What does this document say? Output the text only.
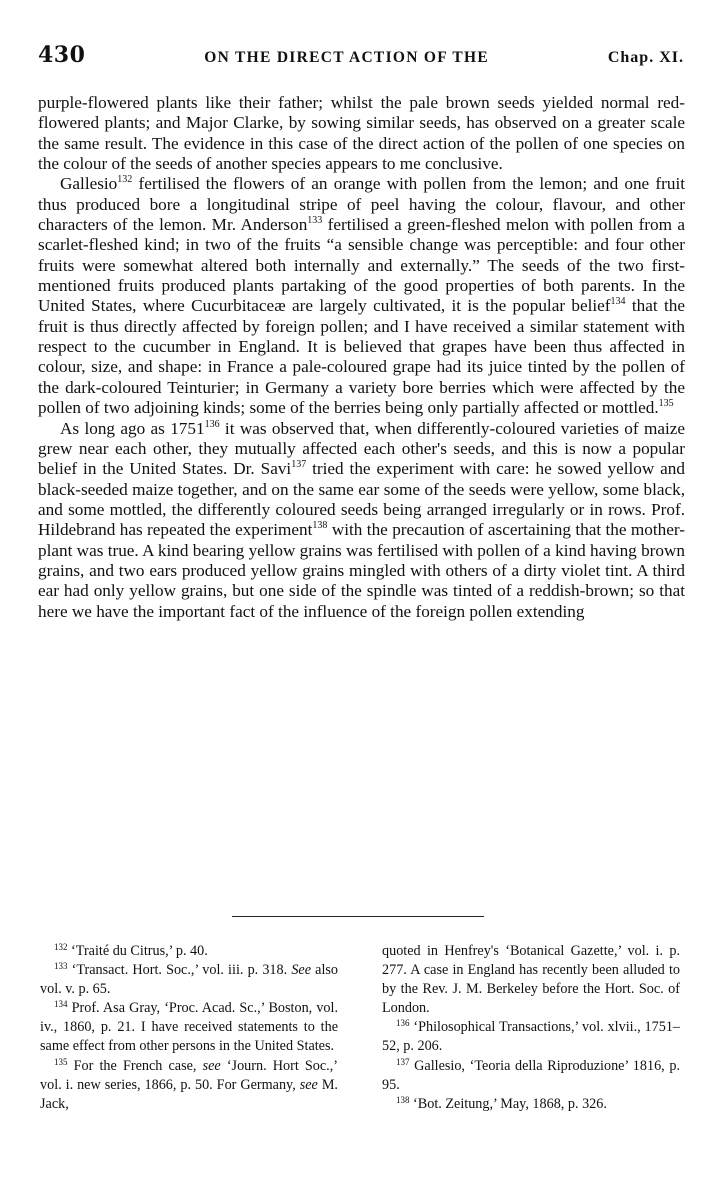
430	ON THE DIRECT ACTION OF THE	Chap. XI.

purple-flowered plants like their father; whilst the pale brown seeds yielded normal red-flowered plants; and Major Clarke, by sowing similar seeds, has observed on a greater scale the same result. The evidence in this case of the direct action of the pollen of one species on the colour of the seeds of another species appears to me conclusive.

Gallesio$^{132}$ fertilised the flowers of an orange with pollen from the lemon; and one fruit thus produced bore a longitudinal stripe of peel having the colour, flavour, and other characters of the lemon. Mr. Anderson$^{133}$ fertilised a green-fleshed melon with pollen from a scarlet-fleshed kind; in two of the fruits “a sensible change was perceptible: and four other fruits were somewhat altered both internally and externally.” The seeds of the two first-mentioned fruits produced plants partaking of the good properties of both parents. In the United States, where Cucurbitaceæ are largely cultivated, it is the popular belief$^{134}$ that the fruit is thus directly affected by foreign pollen; and I have received a similar statement with respect to the cucumber in England. It is believed that grapes have been thus affected in colour, size, and shape: in France a pale-coloured grape had its juice tinted by the pollen of the dark-coloured Teinturier; in Germany a variety bore berries which were affected by the pollen of two adjoining kinds; some of the berries being only partially affected or mottled.$^{135}$

As long ago as 1751$^{136}$ it was observed that, when differently-coloured varieties of maize grew near each other, they mutually affected each other's seeds, and this is now a popular belief in the United States. Dr. Savi$^{137}$ tried the experiment with care: he sowed yellow and black-seeded maize together, and on the same ear some of the seeds were yellow, some black, and some mottled, the differently coloured seeds being arranged irregularly or in rows. Prof. Hildebrand has repeated the experiment$^{138}$ with the precaution of ascertaining that the mother-plant was true. A kind bearing yellow grains was fertilised with pollen of a kind having brown grains, and two ears produced yellow grains mingled with others of a dirty violet tint. A third ear had only yellow grains, but one side of the spindle was tinted of a reddish-brown; so that here we have the important fact of the influence of the foreign pollen extending

$^{132}$ ‘Traité du Citrus,’ p. 40.

$^{133}$ ‘Transact. Hort. Soc.,’ vol. iii. p. 318. See also vol. v. p. 65.

$^{134}$ Prof. Asa Gray, ‘Proc. Acad. Sc.,’ Boston, vol. iv., 1860, p. 21. I have received statements to the same effect from other persons in the United States.

$^{135}$ For the French case, see ‘Journ. Hort Soc.,’ vol. i. new series, 1866, p. 50. For Germany, see M. Jack,

quoted in Henfrey's ‘Botanical Gazette,’ vol. i. p. 277. A case in England has recently been alluded to by the Rev. J. M. Berkeley before the Hort. Soc. of London.

$^{136}$ ‘Philosophical Transactions,’ vol. xlvii., 1751–52, p. 206.

$^{137}$ Gallesio, ‘Teoria della Riproduzione’ 1816, p. 95.

$^{138}$ ‘Bot. Zeitung,’ May, 1868, p. 326.
